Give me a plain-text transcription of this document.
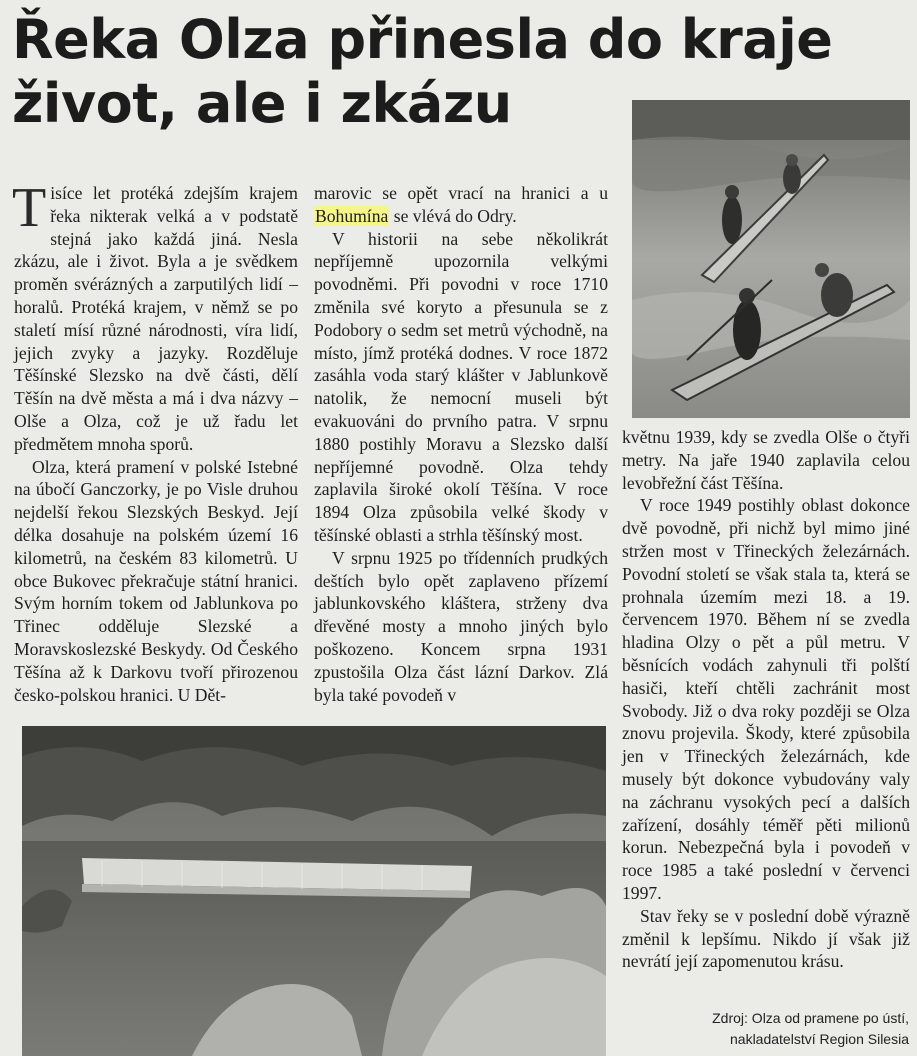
Řeka Olza přinesla do kraje život, ale i zkázu

Tisíce let protéká zdejším krajem řeka nikterak velká a v podstatě stejná jako každá jiná. Nesla zkázu, ale i život. Byla a je svědkem proměn svérázných a zarputilých lidí – horalů. Protéká krajem, v němž se po staletí mísí různé národnosti, víra lidí, jejich zvyky a jazyky. Rozděluje Těšínské Slezsko na dvě části, dělí Těšín na dvě města a má i dva názvy – Olše a Olza, což je už řadu let předmětem mnoha sporů.

Olza, která pramení v polské Istebné na úbočí Ganczorky, je po Visle druhou nejdelší řekou Slezských Beskyd. Její délka dosahuje na polském území 16 kilometrů, na českém 83 kilometrů. U obce Bukovec překračuje státní hranici. Svým horním tokem od Jablunkova po Třinec odděluje Slezské a Moravskoslezské Beskydy. Od Českého Těšína až k Darkovu tvoří přirozenou česko-polskou hranici. U Dět-

marovic se opět vrací na hranici a u Bohumína se vlévá do Odry.

V historii na sebe několikrát nepříjemně upozornila velkými povodněmi. Při povodni v roce 1710 změnila své koryto a přesunula se z Podobory o sedm set metrů východně, na místo, jímž protéká dodnes. V roce 1872 zasáhla voda starý klášter v Jablunkově natolik, že nemocní museli být evakuováni do prvního patra. V srpnu 1880 postihly Moravu a Slezsko další nepříjemné povodně. Olza tehdy zaplavila široké okolí Těšína. V roce 1894 Olza způsobila velké škody v těšínské oblasti a strhla těšínský most.

V srpnu 1925 po třídenních prudkých deštích bylo opět zaplaveno přízemí jablunkovského kláštera, strženy dva dřevěné mosty a mnoho jiných bylo poškozeno. Koncem srpna 1931 zpustošila Olza část lázní Darkov. Zlá byla také povodeň v

květnu 1939, kdy se zvedla Olše o čtyři metry. Na jaře 1940 zaplavila celou levobřežní část Těšína.

V roce 1949 postihly oblast dokonce dvě povodně, při nichž byl mimo jiné stržen most v Třineckých železárnách. Povodní století se však stala ta, která se prohnala územím mezi 18. a 19. červencem 1970. Během ní se zvedla hladina Olzy o pět a půl metru. V běsnících vodách zahynuli tři polští hasiči, kteří chtěli zachránit most Svobody. Již o dva roky později se Olza znovu projevila. Škody, které způsobila jen v Třineckých železárnách, kde musely být dokonce vybudovány valy na záchranu vysokých pecí a dalších zařízení, dosáhly téměř pěti milionů korun. Nebezpečná byla i povodeň v roce 1985 a také poslední v červenci 1997.

Stav řeky se v poslední době výrazně změnil k lepšímu. Nikdo jí však již nevrátí její zapomenutou krásu.

Zdroj: Olza od pramene po ústí,
nakladatelství Region Silesia
